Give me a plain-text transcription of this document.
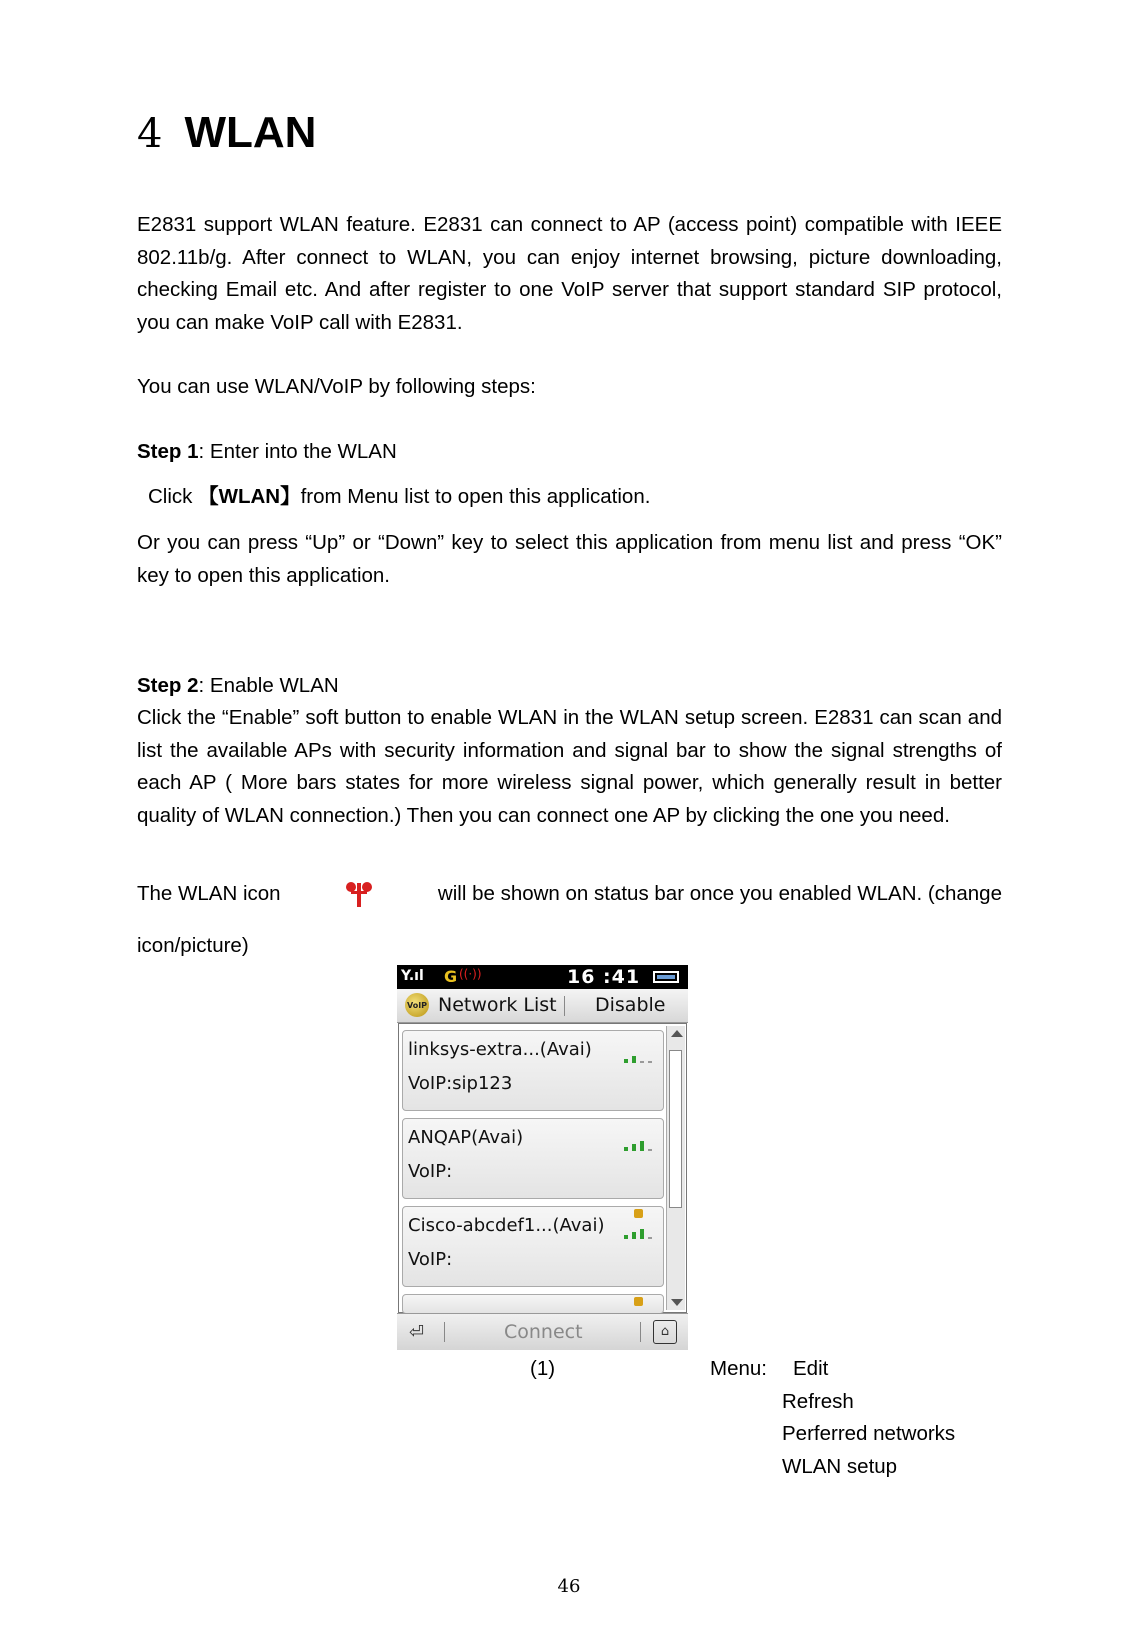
4 WLAN
E2831 support WLAN feature. E2831 can connect to AP (access point) compatible with IEEE 802.11b/g. After connect to WLAN, you can enjoy internet browsing, picture downloading, checking Email etc. And after register to one VoIP server that support standard SIP protocol, you can make VoIP call with E2831.
You can use WLAN/VoIP by following steps:
Step 1: Enter into the WLAN
Click 【WLAN】from Menu list to open this application.
Or you can press “Up” or “Down” key to select this application from menu list and press “OK” key to open this application.
Step 2: Enable WLAN
Click the “Enable” soft button to enable WLAN in the WLAN setup screen. E2831 can scan and list the available APs with security information and signal bar to show the signal strengths of each AP ( More bars states for more wireless signal power, which generally result in better quality of WLAN connection.) Then you can connect one AP by clicking the one you need.
The WLAN icon	will be shown on status bar once you enabled WLAN. (change
icon/picture)
Y.ıl G ((·))	16 :41
VoIP Network List Disable
linksys-extra...(Avai)
VoIP:sip123
ANQAP(Avai)
VoIP:
Cisco-abcdef1...(Avai)
VoIP:
⏎	Connect	⌂
(1)	Menu: Edit
Refresh
Perferred networks
WLAN setup
46
